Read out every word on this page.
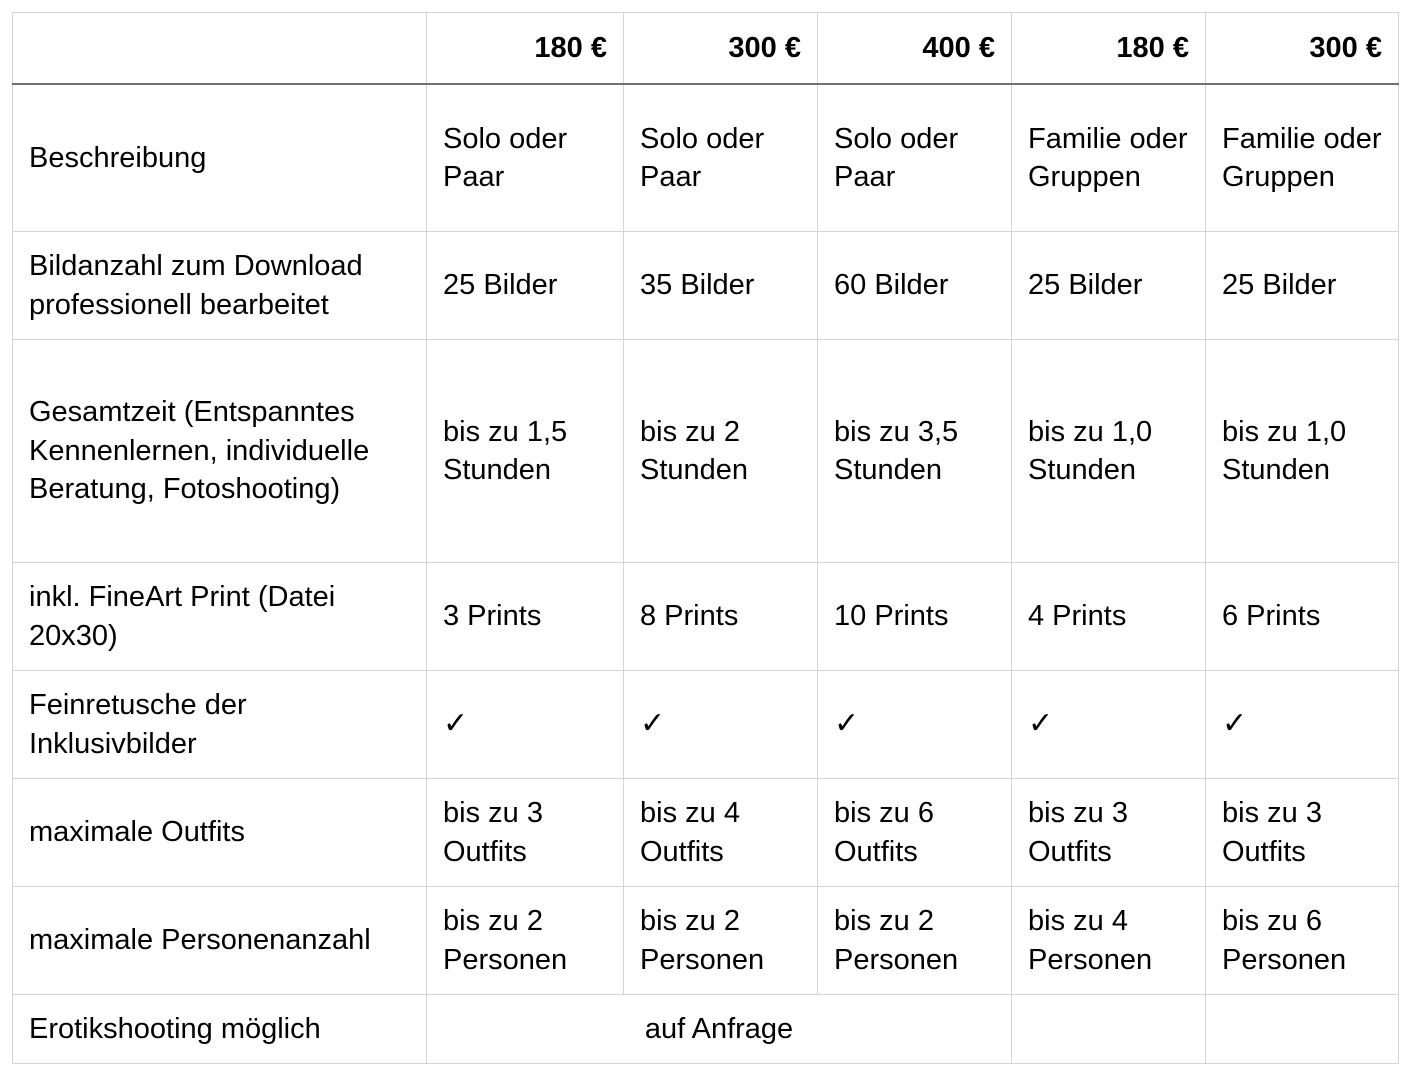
	180 €	300 €	400 €	180 €	300 €
Beschreibung	Solo oder Paar	Solo oder Paar	Solo oder Paar	Familie oder Gruppen	Familie oder Gruppen
Bildanzahl zum Download professionell bearbeitet	25 Bilder	35 Bilder	60 Bilder	25 Bilder	25 Bilder
Gesamtzeit (Entspanntes Kennenlernen, individuelle Beratung, Fotoshooting)	bis zu 1,5 Stunden	bis zu 2 Stunden	bis zu 3,5 Stunden	bis zu 1,0 Stunden	bis zu 1,0 Stunden
inkl. FineArt Print (Datei 20x30)	3 Prints	8 Prints	10 Prints	4 Prints	6 Prints
Feinretusche der Inklusivbilder	✓	✓	✓	✓	✓
maximale Outfits	bis zu 3 Outfits	bis zu 4 Outfits	bis zu 6 Outfits	bis zu 3 Outfits	bis zu 3 Outfits
maximale Personenanzahl	bis zu 2 Personen	bis zu 2 Personen	bis zu 2 Personen	bis zu 4 Personen	bis zu 6 Personen
Erotikshooting möglich	auf Anfrage				
